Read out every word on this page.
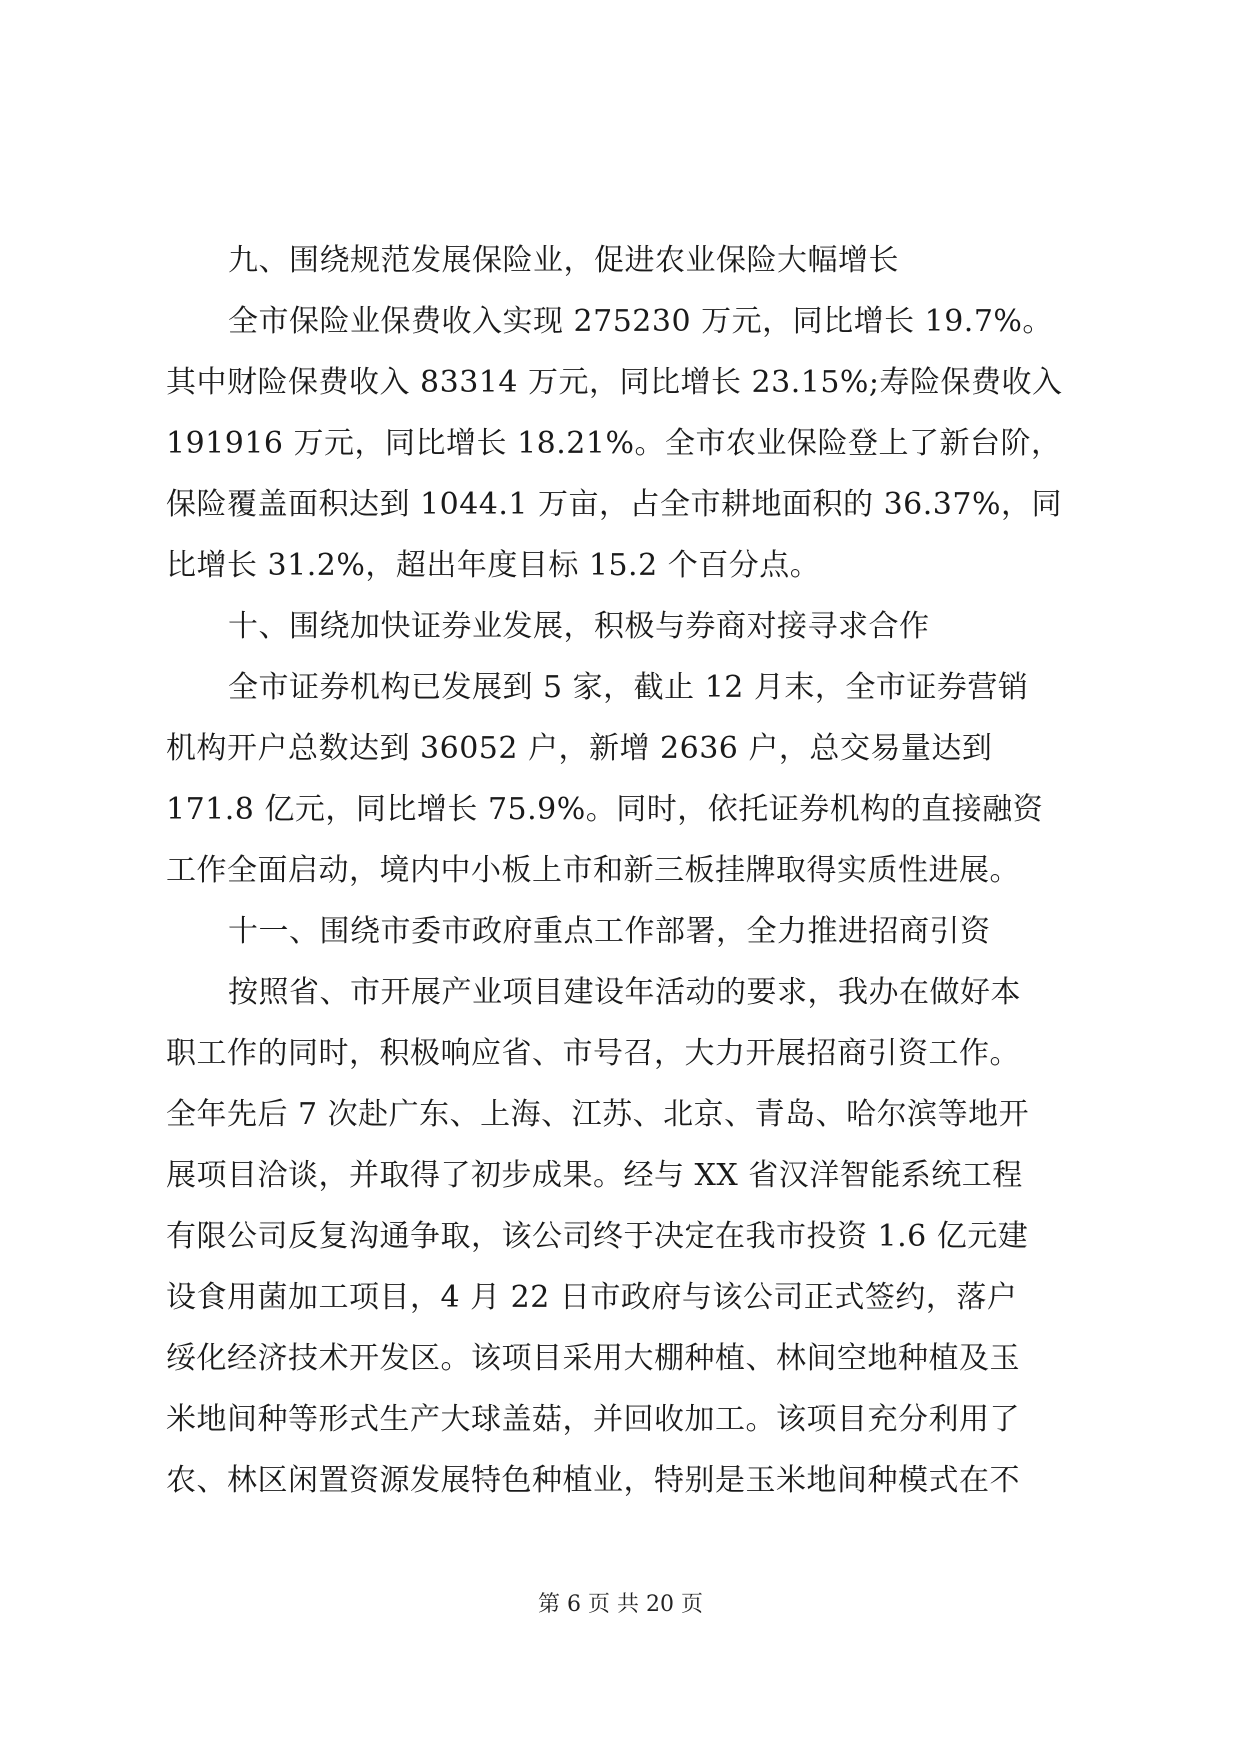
九、围绕规范发展保险业，促进农业保险大幅增长
全市保险业保费收入实现 275230 万元，同比增长 19.7%。
其中财险保费收入 83314 万元，同比增长 23.15%;寿险保费收入
191916 万元，同比增长 18.21%。全市农业保险登上了新台阶，
保险覆盖面积达到 1044.1 万亩，占全市耕地面积的 36.37%，同
比增长 31.2%，超出年度目标 15.2 个百分点。
十、围绕加快证券业发展，积极与券商对接寻求合作
全市证券机构已发展到 5 家，截止 12 月末，全市证券营销
机构开户总数达到 36052 户，新增 2636 户，总交易量达到
171.8 亿元，同比增长 75.9%。同时，依托证券机构的直接融资
工作全面启动，境内中小板上市和新三板挂牌取得实质性进展。
十一、围绕市委市政府重点工作部署，全力推进招商引资
按照省、市开展产业项目建设年活动的要求，我办在做好本
职工作的同时，积极响应省、市号召，大力开展招商引资工作。
全年先后 7 次赴广东、上海、江苏、北京、青岛、哈尔滨等地开
展项目洽谈，并取得了初步成果。经与 XX 省汉洋智能系统工程
有限公司反复沟通争取，该公司终于决定在我市投资 1.6 亿元建
设食用菌加工项目，4 月 22 日市政府与该公司正式签约，落户
绥化经济技术开发区。该项目采用大棚种植、林间空地种植及玉
米地间种等形式生产大球盖菇，并回收加工。该项目充分利用了
农、林区闲置资源发展特色种植业，特别是玉米地间种模式在不
第 6 页 共 20 页
